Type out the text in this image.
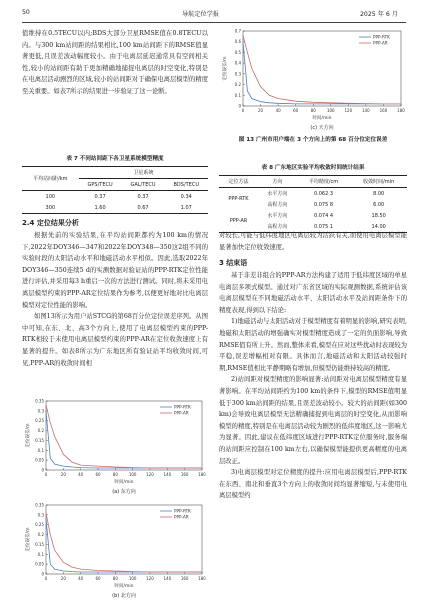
50	导航定位学报	2025 年 6 月

值维持在0.5TECU以内;BDS大部分卫星RMSE值在0.8TECU以内。与300 km站间距的结果相比,100 km站间距下的RMSE值显著更低,且误差波动幅度较小。由于电离层延迟通常具有空间相关性,较小的站间距有助于更加精确地捕捉电离层的时空变化,特别是在电离层活动剧烈的区域,较小的站间距对于确保电离层模型的精度至关重要。如表7所示的结果进一步验证了这一论断。

表 7 不同站间距下各卫星系统模型精度
平均站间距/km	卫星系统		
	GPS/TECU	GAL/TECU	BDS/TECU
100	0.37	0.37	0.34
300	1.60	0.67	1.07
2.4 定位结果分析

根据先前的实验结果,在平均站间距都约为100 km的情况下,2022年DOY346—347和2022年DOY348—350这2组不同的实验时段的太阳活动水平和地磁活动水平相似。因此,选取2022年DOY346—350连续5 d的实测数据对验证站的PPP-RTK定位性能进行评估,并采用每3 h重启一次的方法进行测试。同时,将未采用电离层模型约束的PPP-AR定位结果作为参考,以便更好地对比电离层模型对定位性能的影响。

如图13所示为用户站STCG的第68百分位定位误差序列。从图中可知,在东、北、高3个方向上,使用了电离层模型约束的PPP-RTK相较于未使用电离层模型约束的PPP-AR在定位收敛速度上有显著的提升。如表8所示为广东地区所有验证站平均收敛时间,可见,PPP-AR的收敛时间相

0
0.05
0.1
0.15
0.2
0.25
0.3
0.35
0	20	40	60	80	100 120 140 160 180
时间/min
定位误差/m
(a) 东方向
PPP-RTK
PPP-AR
0
0.05
0.1
0.15
0.2
0.25
0.3
0.35
0	20	40	60	80	100 120 140 160 180
时间/min
定位误差/m
(b) 北方向
PPP-RTK
PPP-AR
0
0.1
0.2
0.3
0.4
0.5
0.6
0.7
0	20	40	60	80	100 120 140 160 180
时间/min
定位误差/m
(c) 天方向
PPP-RTK
PPP-AR
图 13 广州市用户端在 3 个方向上的第 68 百分位定位误差
表 8 广东地区实验平均收敛时间统计结果
定位方法	方向	平均精度/cm	收敛时间/min
PPP-RTK	水平方向	0.062 3	8.00
	高程方向	0.075 8	6.00
PPP-AR	水平方向	0.074 4	18.50
	高程方向	0.075 1	14.00

对较长,可能与低纬度地区电离层较为活跃有关,而使用电离层模型能显著加快定位收敛速度。

3 结束语

基于非差非组合的PPP-AR方法构建了适用于低纬度区域的单星电离层多项式模型。通过对广东省区域的实际观测数据,系统评估该电离层模型在不同地磁活动水平、太阳活动水平及站间距条件下的精度表现,得到以下结论:

1)地磁活动与太阳活动对于模型精度有着明显的影响,研究表明,地磁和太阳活动的增强确实对模型精度造成了一定的负面影响,导致RMSE值有所上升。然而,整体来看,模型在应对这些扰动时表现较为平稳,误差增幅相对有限。具体而言,地磁活动和太阳活动较强时期,RMSE值相比平静期略有增加,但模型仍能维持较高的精度。

2)站间距对模型精度的影响显著:站间距对电离层模型精度有显著影响。在平均站间距约为100 km的条件下,模型的RMSE值明显低于300 km站间距的结果,且误差波动较小。较大的站间距(如300 km)会导致电离层模型无法精确捕捉到电离层的时空变化,从而影响模型的精度,特别是在电离层活动较为剧烈的低纬度地区,这一影响尤为显著。因此,建议在低纬度区域进行PPP-RTK定位服务时,服务端的站间距应控制在100 km左右,以确保模型能提供更高精度的电离层改正。

3)电离层模型对定位精度的提升:应用电离层模型后,PPP-RTK在东西、南北和垂直3个方向上的收敛时间均显著缩短,与未使用电离层模型约
